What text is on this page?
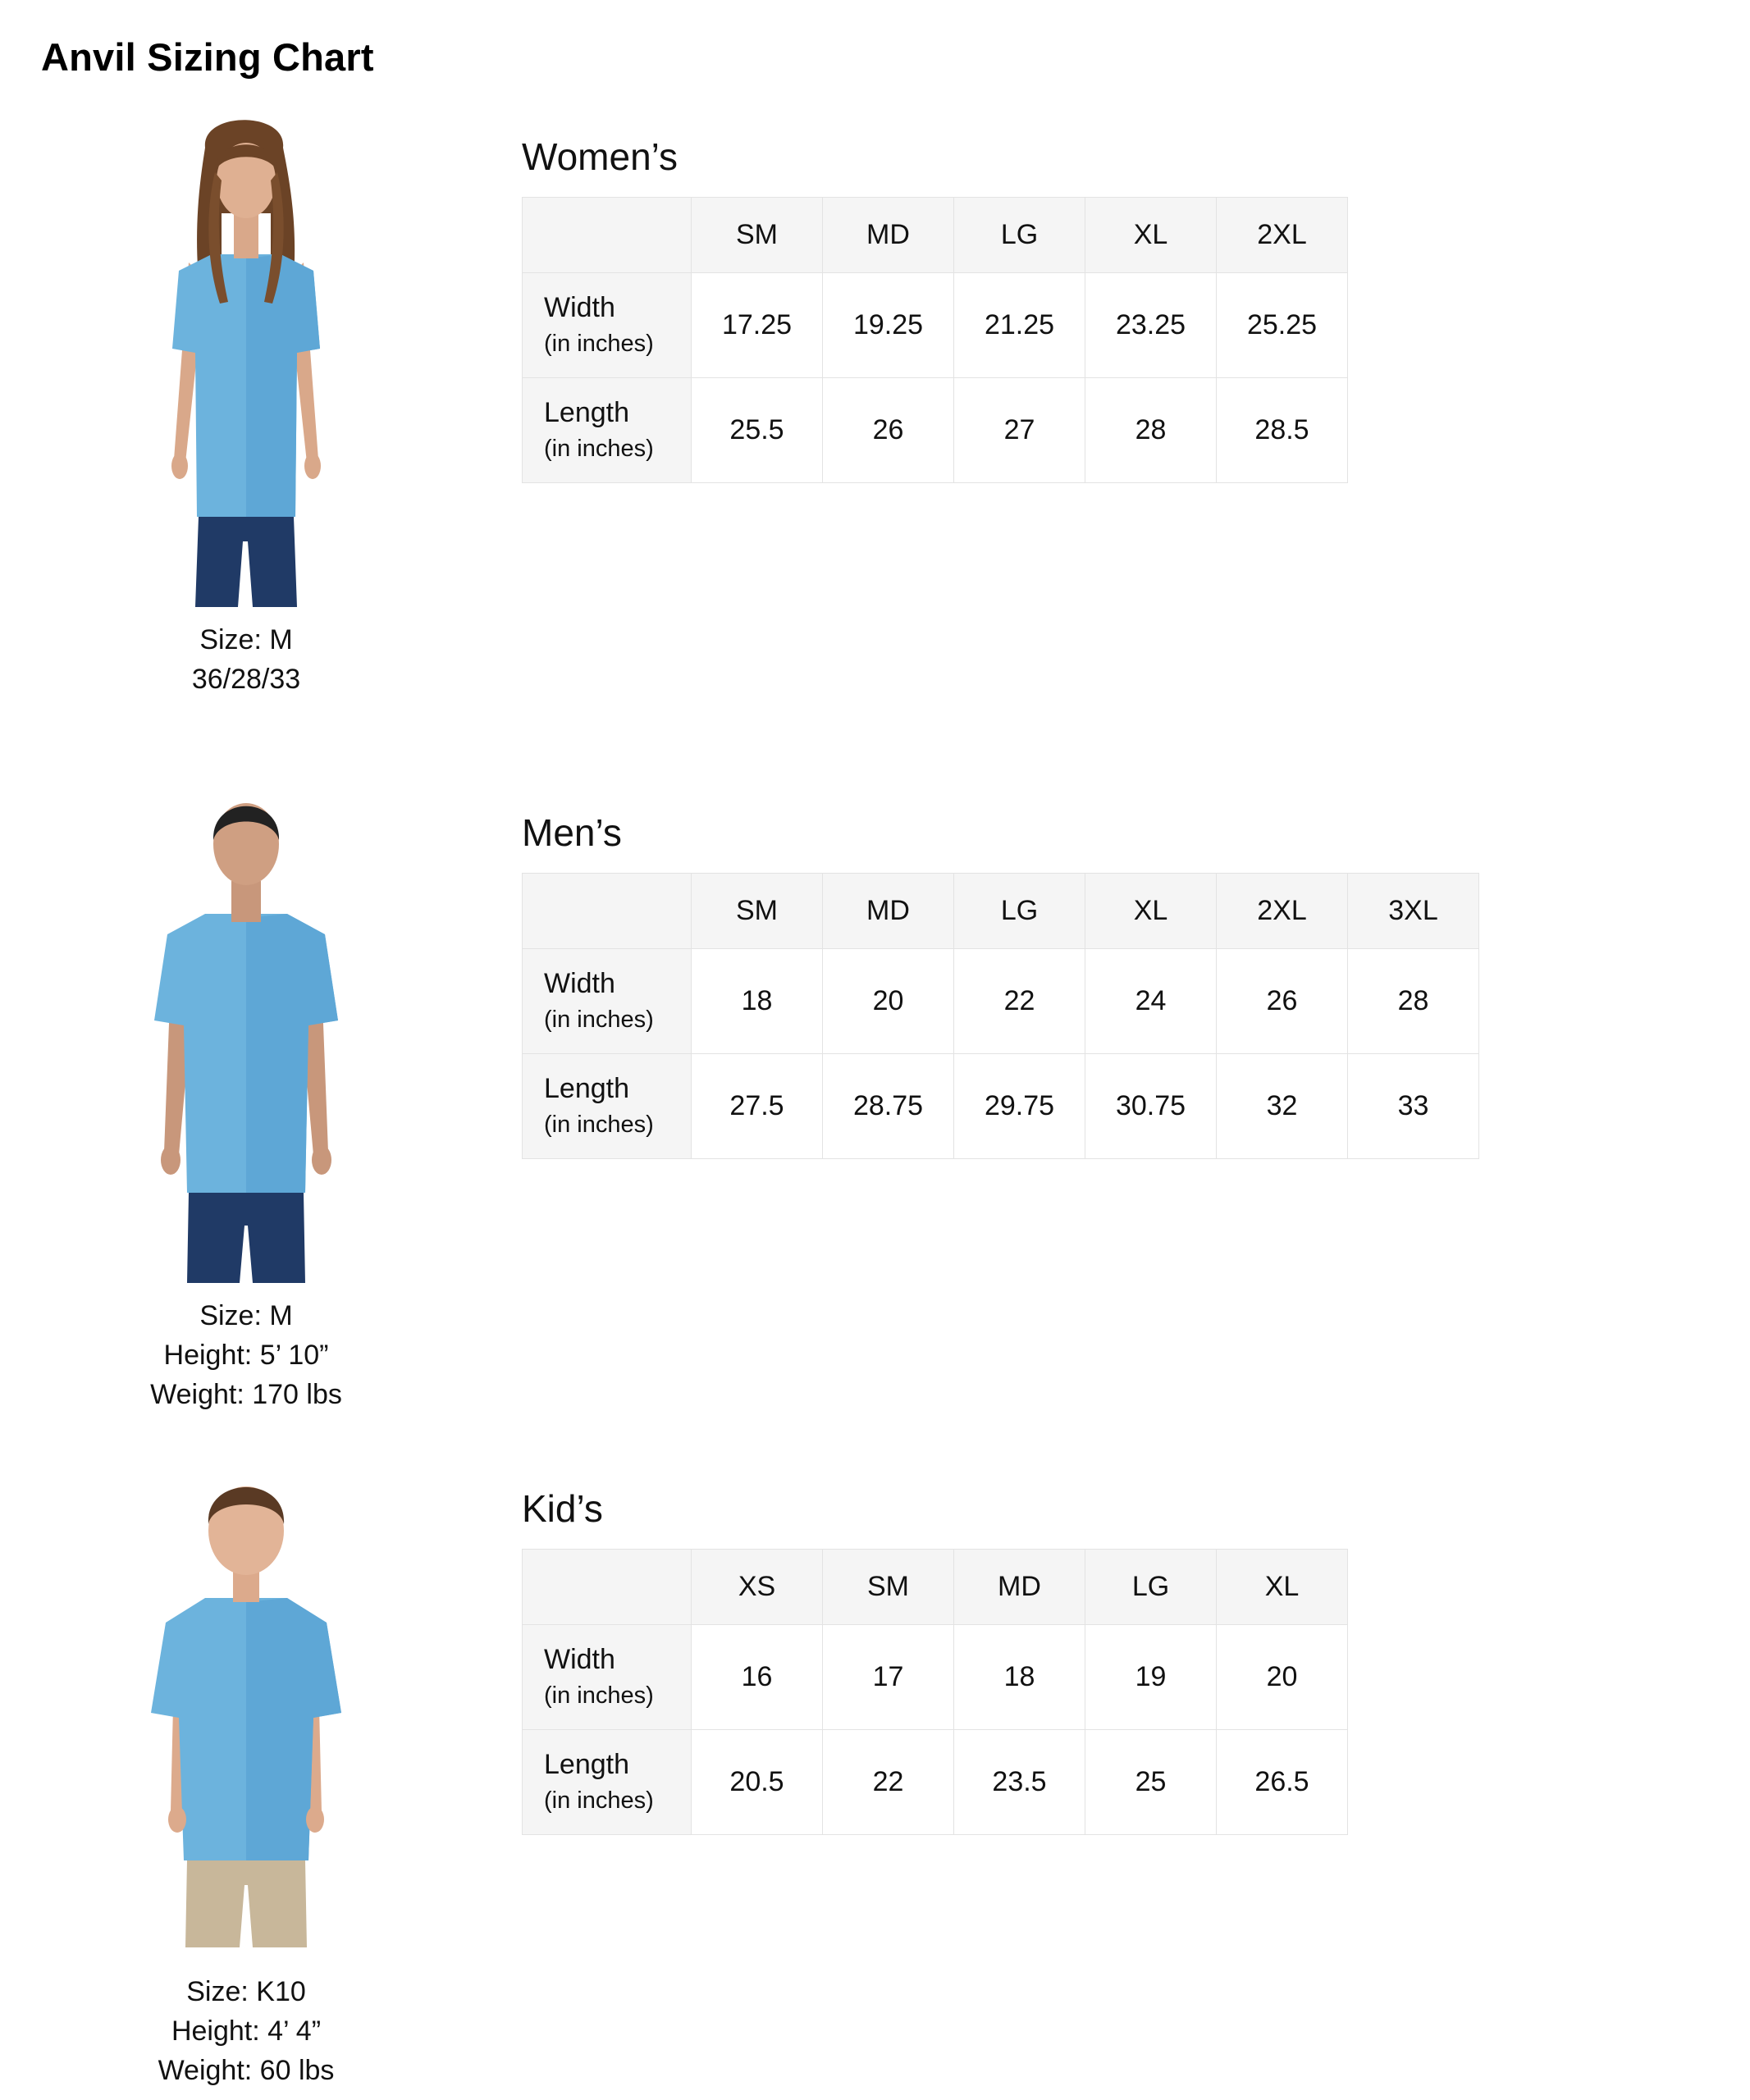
Anvil Sizing Chart
Size: M
36/28/33
Women’s
	SM	MD	LG	XL	2XL

Width
(in inches)	17.25	19.25	21.25	23.25	25.25

Length
(in inches)	25.5	26	27	28	28.5
Size: M
Height: 5’ 10”
Weight: 170 lbs
Men’s
	SM	MD	LG	XL	2XL	3XL

Width
(in inches)	18	20	22	24	26	28

Length
(in inches)	27.5	28.75	29.75	30.75	32	33
Size: K10
Height: 4’ 4”
Weight: 60 lbs
Kid’s
	XS	SM	MD	LG	XL

Width
(in inches)	16	17	18	19	20

Length
(in inches)	20.5	22	23.5	25	26.5
